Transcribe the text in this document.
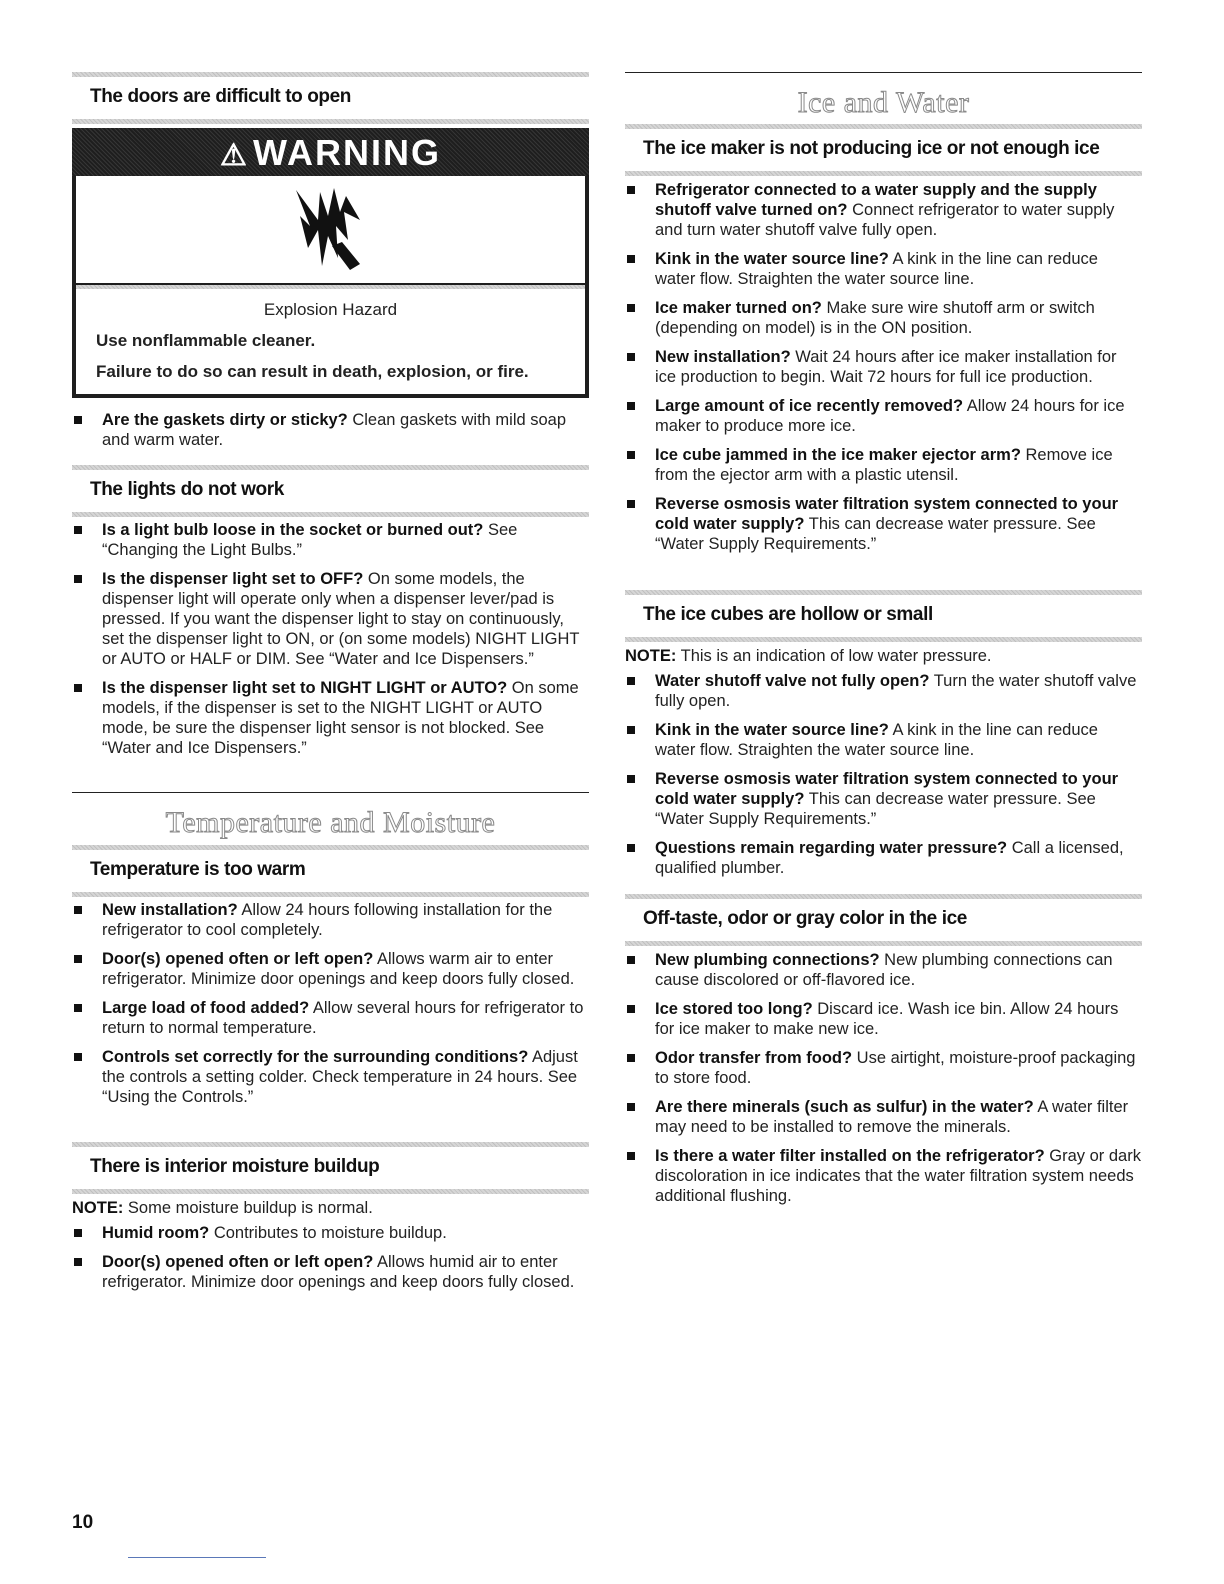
The doors are difficult to open
⚠ WARNING
Explosion Hazard
Use nonflammable cleaner.
Failure to do so can result in death, explosion, or fire.
Are the gaskets dirty or sticky? Clean gaskets with mild soap and warm water.
The lights do not work
Is a light bulb loose in the socket or burned out? See “Changing the Light Bulbs.”
Is the dispenser light set to OFF? On some models, the dispenser light will operate only when a dispenser lever/pad is pressed. If you want the dispenser light to stay on continuously, set the dispenser light to ON, or (on some models) NIGHT LIGHT or AUTO or HALF or DIM. See “Water and Ice Dispensers.”
Is the dispenser light set to NIGHT LIGHT or AUTO? On some models, if the dispenser is set to the NIGHT LIGHT or AUTO mode, be sure the dispenser light sensor is not blocked. See “Water and Ice Dispensers.”
Temperature and Moisture
Temperature is too warm
New installation? Allow 24 hours following installation for the refrigerator to cool completely.
Door(s) opened often or left open? Allows warm air to enter refrigerator. Minimize door openings and keep doors fully closed.
Large load of food added? Allow several hours for refrigerator to return to normal temperature.
Controls set correctly for the surrounding conditions? Adjust the controls a setting colder. Check temperature in 24 hours. See “Using the Controls.”
There is interior moisture buildup
NOTE: Some moisture buildup is normal.
Humid room? Contributes to moisture buildup.
Door(s) opened often or left open? Allows humid air to enter refrigerator. Minimize door openings and keep doors fully closed.
Ice and Water
The ice maker is not producing ice or not enough ice
Refrigerator connected to a water supply and the supply shutoff valve turned on? Connect refrigerator to water supply and turn water shutoff valve fully open.
Kink in the water source line? A kink in the line can reduce water flow. Straighten the water source line.
Ice maker turned on? Make sure wire shutoff arm or switch (depending on model) is in the ON position.
New installation? Wait 24 hours after ice maker installation for ice production to begin. Wait 72 hours for full ice production.
Large amount of ice recently removed? Allow 24 hours for ice maker to produce more ice.
Ice cube jammed in the ice maker ejector arm? Remove ice from the ejector arm with a plastic utensil.
Reverse osmosis water filtration system connected to your cold water supply? This can decrease water pressure. See “Water Supply Requirements.”
The ice cubes are hollow or small
NOTE: This is an indication of low water pressure.
Water shutoff valve not fully open? Turn the water shutoff valve fully open.
Kink in the water source line? A kink in the line can reduce water flow. Straighten the water source line.
Reverse osmosis water filtration system connected to your cold water supply? This can decrease water pressure. See “Water Supply Requirements.”
Questions remain regarding water pressure? Call a licensed, qualified plumber.
Off-taste, odor or gray color in the ice
New plumbing connections? New plumbing connections can cause discolored or off-flavored ice.
Ice stored too long? Discard ice. Wash ice bin. Allow 24 hours for ice maker to make new ice.
Odor transfer from food? Use airtight, moisture-proof packaging to store food.
Are there minerals (such as sulfur) in the water? A water filter may need to be installed to remove the minerals.
Is there a water filter installed on the refrigerator? Gray or dark discoloration in ice indicates that the water filtration system needs additional flushing.
10
